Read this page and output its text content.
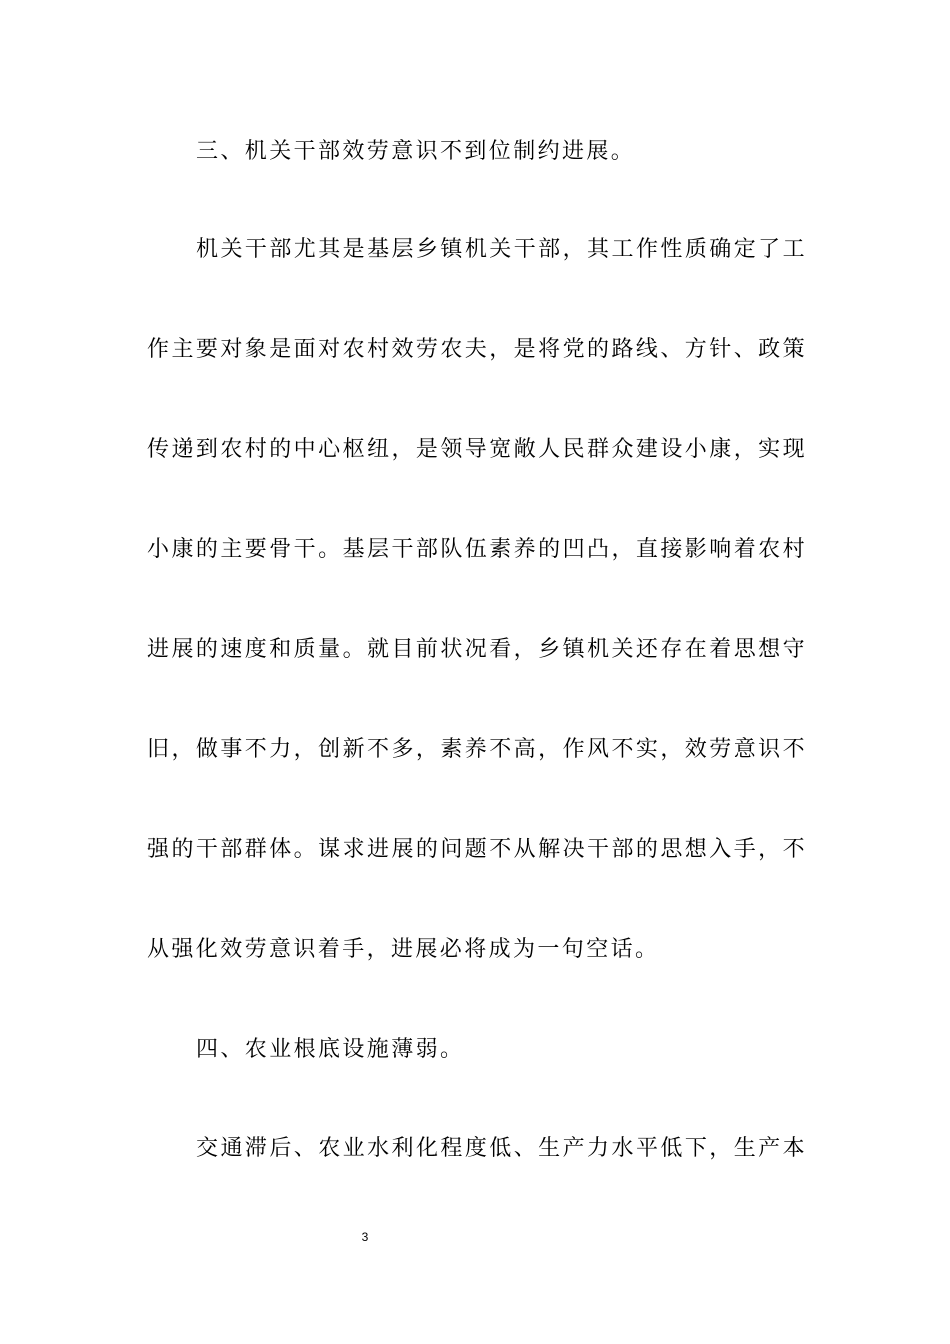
三、机关干部效劳意识不到位制约进展。
机关干部尤其是基层乡镇机关干部，其工作性质确定了工
作主要对象是面对农村效劳农夫，是将党的路线、方针、政策
传递到农村的中心枢纽，是领导宽敞人民群众建设小康，实现
小康的主要骨干。基层干部队伍素养的凹凸，直接影响着农村
进展的速度和质量。就目前状况看，乡镇机关还存在着思想守
旧，做事不力，创新不多，素养不高，作风不实，效劳意识不
强的干部群体。谋求进展的问题不从解决干部的思想入手，不
从强化效劳意识着手，进展必将成为一句空话。
四、农业根底设施薄弱。
交通滞后、农业水利化程度低、生产力水平低下，生产本
3
